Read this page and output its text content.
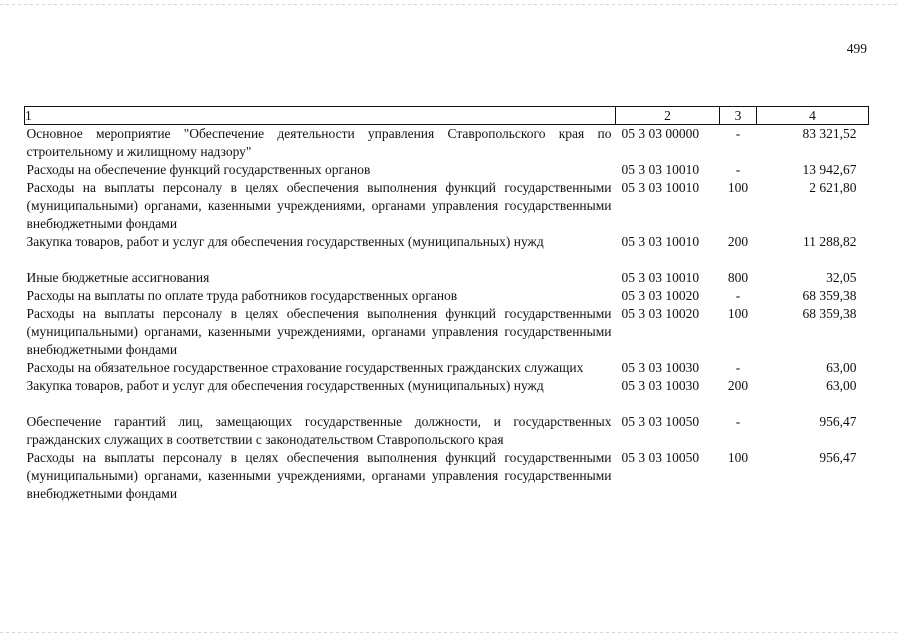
499
1	2	3	4
Основное мероприятие "Обеспечение деятельности управления Ставропольского края по строительному и жилищному надзору"	05 3 03 00000	-	83 321,52
Расходы на обеспечение функций государственных органов	05 3 03 10010	-	13 942,67
Расходы на выплаты персоналу в целях обеспечения выполнения функций государственными (муниципальными) органами, казенными учреждениями, органами управления государственными внебюджетными фондами	05 3 03 10010	100	2 621,80
Закупка товаров, работ и услуг для обеспечения государственных (муниципальных) нужд	05 3 03 10010	200	11 288,82

Иные бюджетные ассигнования	05 3 03 10010	800	32,05
Расходы на выплаты по оплате труда работников государственных органов	05 3 03 10020	-	68 359,38
Расходы на выплаты персоналу в целях обеспечения выполнения функций государственными (муниципальными) органами, казенными учреждениями, органами управления государственными внебюджетными фондами	05 3 03 10020	100	68 359,38
Расходы на обязательное государственное страхование государственных гражданских служащих	05 3 03 10030	-	63,00
Закупка товаров, работ и услуг для обеспечения государственных (муниципальных) нужд	05 3 03 10030	200	63,00

Обеспечение гарантий лиц, замещающих государственные должности, и государственных гражданских служащих в соответствии с законодательством Ставропольского края	05 3 03 10050	-	956,47
Расходы на выплаты персоналу в целях обеспечения выполнения функций государственными (муниципальными) органами, казенными учреждениями, органами управления государственными внебюджетными фондами	05 3 03 10050	100	956,47
